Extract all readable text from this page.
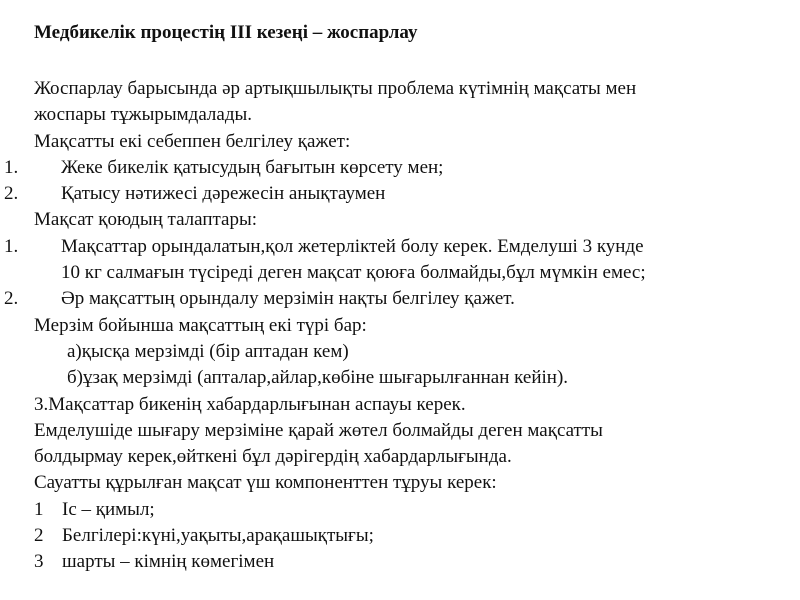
Медбикелік процестің ІІІ кезеңі – жоспарлау
Жоспарлау барысында әр артықшылықты проблема күтімнің мақсаты мен
жоспары тұжырымдалады.
Мақсатты екі себеппен белгілеу қажет:
1. Жеке бикелік қатысудың бағытын көрсету мен;
2. Қатысу нәтижесі дәрежесін анықтаумен
Мақсат қоюдың талаптары:
1. Мақсаттар орындалатын,қол жетерліктей болу керек. Емделуші 3 кунде
10 кг салмағын түсіреді деген мақсат қоюға болмайды,бұл мүмкін емес;
2. Әр мақсаттың орындалу мерзімін нақты белгілеу қажет.
Мерзім бойынша мақсаттың екі түрі бар:
а)қысқа мерзімді (бір аптадан кем)
б)ұзақ мерзімді (апталар,айлар,көбіне шығарылғаннан кейін).
3.Мақсаттар бикенің хабардарлығынан аспауы керек.
Емделушіде шығару мерзіміне қарай жөтел болмайды деген мақсатты
болдырмау керек,өйткені бұл дәрігердің хабардарлығында.
Сауатты құрылған мақсат үш компоненттен тұруы керек:
1 Іс – қимыл;
2 Белгілері:күні,уақыты,арақашықтығы;
3 шарты – кімнің көмегімен
